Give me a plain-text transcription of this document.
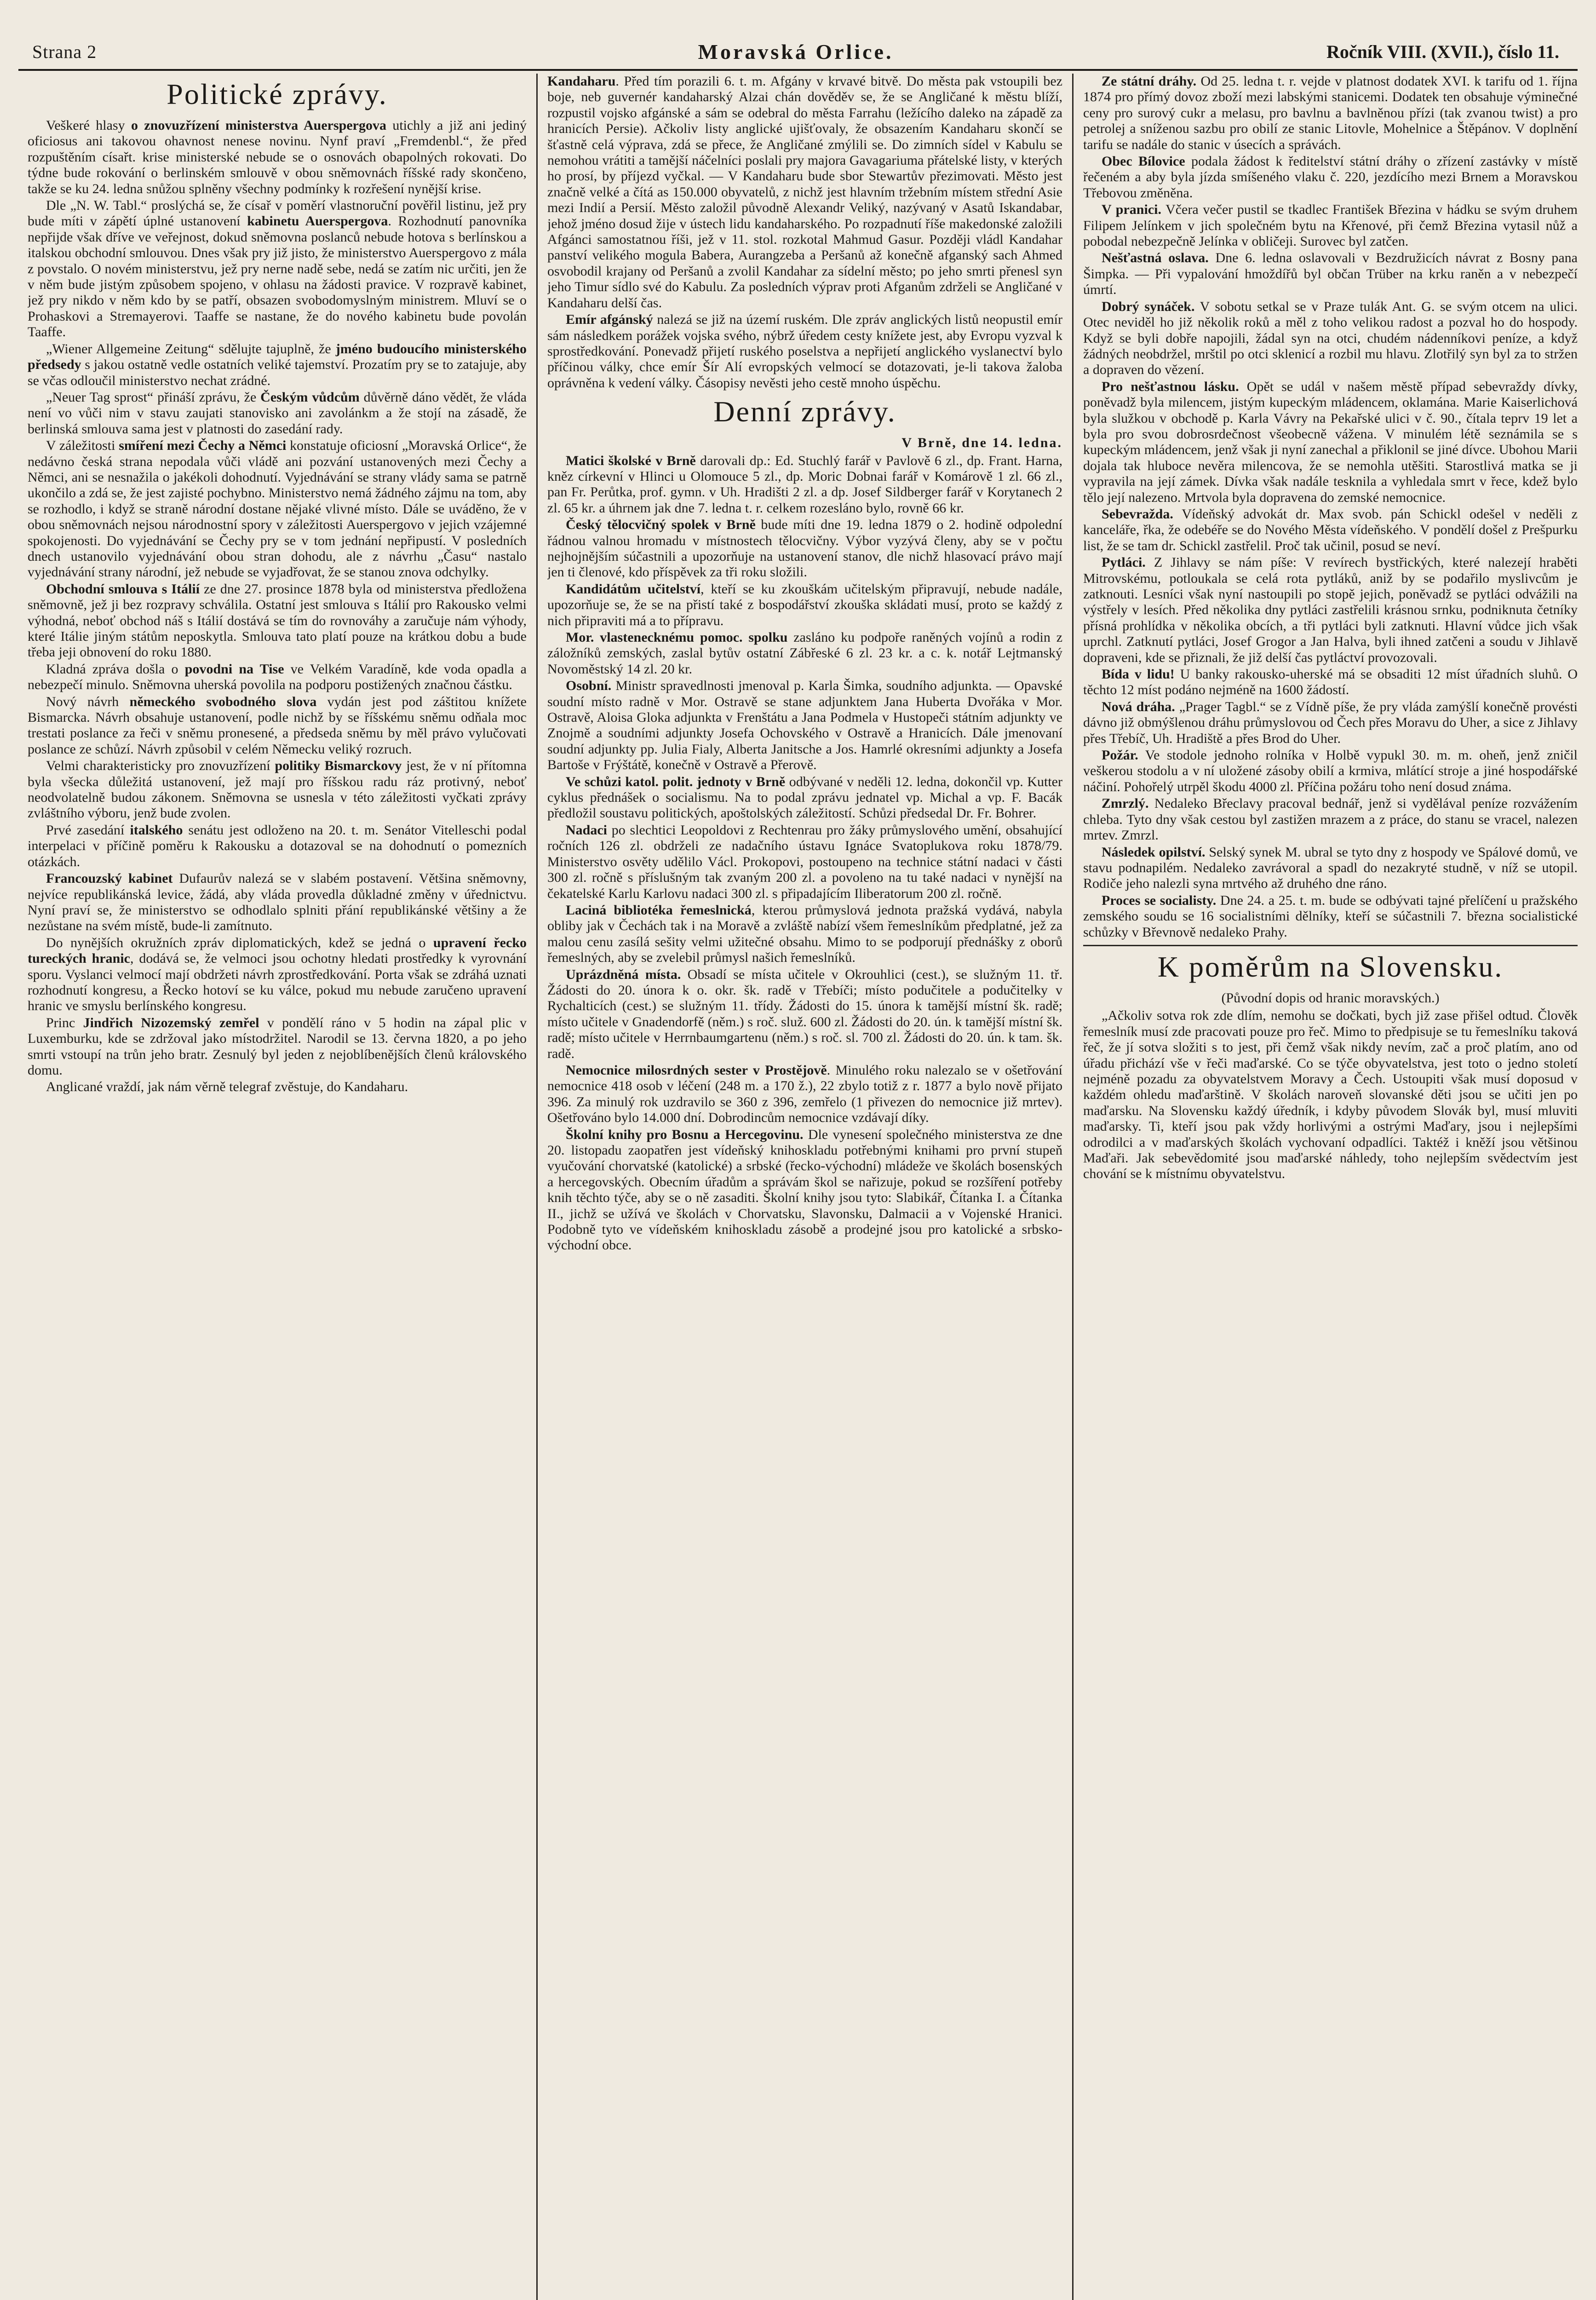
Strana 2	Moravská Orlice.	Ročník VIII. (XVII.), číslo 11.
Politické zprávy.

Veškeré hlasy o znovuzřízení ministerstva Auerspergova utichly a již ani jediný oficiosus ani takovou ohavnost nenese novinu. Nynf praví „Fremdenbl.“, že před rozpuštěním císařt. krise ministerské nebude se o osnovách obapolných rokovati. Do týdne bude rokování o berlinském smlouvě v obou sněmovnách říšské rady skončeno, takže se ku 24. ledna snůžou splněny všechny podmínky k rozřešení nynější krise.

Dle „N. W. Tabl.“ proslýchá se, že císař v poměrí vlastnoruční pověřil listinu, jež pry bude míti v zápětí úplné ustanovení kabinetu Auerspergova. Rozhodnutí panovníka nepřijde však dříve ve veřejnost, dokud sněmovna poslanců nebude hotova s berlínskou a italskou obchodní smlouvou. Dnes však pry již jisto, že ministerstvo Auerspergovo z mála z povstalo. O novém ministerstvu, jež pry nerne nadě sebe, nedá se zatím nic určiti, jen že v něm bude jistým způsobem spojeno, v ohlasu na žádosti pravice. V rozpravě kabinet, jež pry nikdo v něm kdo by se patří, obsazen svobodomyslným ministrem. Mluví se o Prohaskovi a Stremayerovi. Taaffe se nastane, že do nového kabinetu bude povolán Taaffe.

„Wiener Allgemeine Zeitung“ sdělujte tajuplně, že jméno budoucího ministerského předsedy s jakou ostatně vedle ostatních veliké tajemství. Prozatím pry se to zatajuje, aby se včas odloučil ministerstvo nechat zrádné.

„Neuer Tag sprost“ přináší zprávu, že Českým vůdcům důvěrně dáno vědět, že vláda není vo vůči nim v stavu zaujati stanovisko ani zavolánkm a že stojí na zásadě, že berlinská smlouva sama jest v platnosti do zasedání rady.

V záležitosti smíření mezi Čechy a Němci konstatuje oficiosní „Moravská Orlice“, že nedávno česká strana nepodala vůči vládě ani pozvání ustanovených mezi Čechy a Němci, ani se nesnažila o jakékoli dohodnutí. Vyjednávání se strany vlády sama se patrně ukončilo a zdá se, že jest zajisté pochybno. Ministerstvo nemá žádného zájmu na tom, aby se rozhodlo, i když se straně národní dostane nějaké vlivné místo. Dále se uváděno, že v obou sněmovnách nejsou národnostní spory v záležitosti Auerspergovo v jejich vzájemné spokojenosti. Do vyjednávání se Čechy pry se v tom jednání nepřipustí. V posledních dnech ustanovilo vyjednávání obou stran dohodu, ale z návrhu „Času“ nastalo vyjednávání strany národní, jež nebude se vyjadřovat, že se stanou znova odchylky.

Obchodní smlouva s Itálií ze dne 27. prosince 1878 byla od ministerstva předložena sněmovně, jež ji bez rozpravy schválila. Ostatní jest smlouva s Itálií pro Rakousko velmi výhodná, neboť obchod náš s Itálií dostává se tím do rovnováhy a zaručuje nám výhody, které Itálie jiným státům neposkytla. Smlouva tato platí pouze na krátkou dobu a bude třeba jeji obnovení do roku 1880.

Kladná zpráva došla o povodni na Tise ve Velkém Varadíně, kde voda opadla a nebezpečí minulo. Sněmovna uherská povolila na podporu postižených značnou částku.

Nový návrh německého svobodného slova vydán jest pod záštitou knížete Bismarcka. Návrh obsahuje ustanovení, podle nichž by se říšskému sněmu odňala moc trestati poslance za řeči v sněmu pronesené, a předseda sněmu by měl právo vylučovati poslance ze schůzí. Návrh způsobil v celém Německu veliký rozruch.

Velmi charakteristicky pro znovuzřízení politiky Bismarckovy jest, že v ní přítomna byla všecka důležitá ustanovení, jež mají pro říšskou radu ráz protivný, neboť neodvolatelně budou zákonem. Sněmovna se usnesla v této záležitosti vyčkati zprávy zvláštního výboru, jenž bude zvolen.

Prvé zasedání italského senátu jest odloženo na 20. t. m. Senátor Vitelleschi podal interpelaci v příčině poměru k Rakousku a dotazoval se na dohodnutí o pomezních otázkách.

Francouzský kabinet Dufaurův nalezá se v slabém postavení. Většina sněmovny, nejvíce republikánská levice, žádá, aby vláda provedla důkladné změny v úřednictvu. Nyní praví se, že ministerstvo se odhodlalo splniti přání republikánské většiny a že nezůstane na svém místě, bude-li zamítnuto.

Do nynějších okružních zpráv diplomatických, kdež se jedná o upravení řecko tureckých hranic, dodává se, že velmoci jsou ochotny hledati prostředky k vyrovnání sporu. Vyslanci velmocí mají obdržeti návrh zprostředkování. Porta však se zdráhá uznati rozhodnutí kongresu, a Řecko hotoví se ku válce, pokud mu nebude zaručeno upravení hranic ve smyslu berlínského kongresu.

Princ Jindřich Nizozemský zemřel v pondělí ráno v 5 hodin na zápal plic v Luxemburku, kde se zdržoval jako místodržitel. Narodil se 13. června 1820, a po jeho smrti vstoupí na trůn jeho bratr. Zesnulý byl jeden z nejoblíbenějších členů královského domu.

Anglicané vraždí, jak nám věrně telegraf zvěstuje, do Kandaharu.

Kandaharu. Před tím porazili 6. t. m. Afgány v krvavé bitvě. Do města pak vstoupili bez boje, neb guvernér kandaharský Alzai chán dověděv se, že se Angličané k městu blíží, rozpustil vojsko afgánské a sám se odebral do města Farrahu (ležícího daleko na západě za hranicích Persie). Ačkoliv listy anglické ujišťovaly, že obsazením Kandaharu skončí se šťastně celá výprava, zdá se přece, že Angličané zmýlili se. Do zimních sídel v Kabulu se nemohou vrátiti a tamější náčelníci poslali pry majora Gavagariuma přátelské listy, v kterých ho prosí, by příjezd vyčkal. — V Kandaharu bude sbor Stewartův přezimovati. Město jest značně velké a čítá as 150.000 obyvatelů, z nichž jest hlavním tržebním místem střední Asie mezi Indií a Persií. Město založil původně Alexandr Veliký, nazývaný v Asatů Iskandabar, jehož jméno dosud žije v ústech lidu kandaharského. Po rozpadnutí říše makedonské založili Afgánci samostatnou říši, jež v 11. stol. rozkotal Mahmud Gasur. Později vládl Kandahar panství velikého mogula Babera, Aurangzeba a Peršanů až konečně afganský sach Ahmed osvobodil krajany od Peršanů a zvolil Kandahar za sídelní město; po jeho smrti přenesl syn jeho Timur sídlo své do Kabulu. Za posledních výprav proti Afganům zdrželi se Angličané v Kandaharu delší čas.

Emír afgánský nalezá se již na území ruském. Dle zpráv anglických listů neopustil emír sám následkem porážek vojska svého, nýbrž úředem cesty knížete jest, aby Evropu vyzval k sprostředkování. Ponevadž přijetí ruského poselstva a nepřijetí anglického vyslanectví bylo příčinou války, chce emír Šír Alí evropských velmocí se dotazovati, je-li takova žaloba oprávněna k vedení války. Čásopisy nevěsti jeho cestě mnoho úspěchu.

Denní zprávy.
V Brně, dne 14. ledna.

Matici školské v Brně darovali dp.: Ed. Stuchlý farář v Pavlově 6 zl., dp. Frant. Harna, kněz církevní v Hlinci u Olomouce 5 zl., dp. Moric Dobnai farář v Komárově 1 zl. 66 zl., pan Fr. Perůtka, prof. gymn. v Uh. Hradišti 2 zl. a dp. Josef Sildberger farář v Korytanech 2 zl. 65 kr. a úhrnem jak dne 7. ledna t. r. celkem rozesláno bylo, rovně 66 kr.

Český tělocvičný spolek v Brně bude míti dne 19. ledna 1879 o 2. hodině odpolední řádnou valnou hromadu v místnostech tělocvičny. Výbor vyzývá členy, aby se v počtu nejhojnějším súčastnili a upozorňuje na ustanovení stanov, dle nichž hlasovací právo mají jen ti členové, kdo příspěvek za tři roku složili.

Kandidátům učitelství, kteří se ku zkouškám učitelským připravují, nebude nadále, upozorňuje se, že se na přistí také z bospodářství zkouška skládati musí, proto se každý z nich připraviti má a to přípravu.

Mor. vlastenecknému pomoc. spolku zasláno ku podpoře raněných vojínů a rodin z záložníků zemských, zaslal bytův ostatní Zábřeské 6 zl. 23 kr. a c. k. notář Lejtmanský Novoměstský 14 zl. 20 kr.

Osobní. Ministr spravedlnosti jmenoval p. Karla Šimka, soudního adjunkta. — Opavské soudní místo radně v Mor. Ostravě se stane adjunktem Jana Huberta Dvořáka v Mor. Ostravě, Aloisa Gloka adjunkta v Frenštátu a Jana Podmela v Hustopeči státním adjunkty ve Znojmě a soudními adjunkty Josefa Ochovského v Ostravě a Hranicích. Dále jmenovaní soudní adjunkty pp. Julia Fialy, Alberta Janitsche a Jos. Hamrlé okresními adjunkty a Josefa Bartoše v Frýštátě, konečně v Ostravě a Přerově.

Ve schůzi katol. polit. jednoty v Brně odbývané v neděli 12. ledna, dokončil vp. Kutter cyklus přednášek o socialismu. Na to podal zprávu jednatel vp. Michal a vp. F. Bacák předložil soustavu politických, apoštolských záležitostí. Schůzi předsedal Dr. Fr. Bohrer.

Nadaci po slechtici Leopoldovi z Rechtenrau pro žáky průmyslového umění, obsahující ročních 126 zl. obdrželi ze nadačního ústavu Ignáce Svatoplukova roku 1878/79. Ministerstvo osvěty udělilo Václ. Prokopovi, postoupeno na technice státní nadaci v části 300 zl. ročně s příslušným tak zvaným 200 zl. a povoleno na tu také nadaci v nynější na čekatelské Karlu Karlovu nadaci 300 zl. s připadajícím Iliberatorum 200 zl. ročně.

Laciná bibliotéka řemeslnická, kterou průmyslová jednota pražská vydává, nabyla obliby jak v Čechách tak i na Moravě a zvláště nabízí všem řemeslníkům předplatné, jež za malou cenu zasílá sešity velmi užitečné obsahu. Mimo to se podporují přednášky z oborů řemeslných, aby se zvelebil průmysl našich řemeslníků.

Uprázdněná místa. Obsadí se místa učitele v Okrouhlici (cest.), se služným 11. tř. Žádosti do 20. února k o. okr. šk. radě v Třebíči; místo podučitele a podučitelky v Rychalticích (cest.) se služným 11. třídy. Žádosti do 15. února k tamější místní šk. radě; místo učitele v Gnadendorfě (něm.) s roč. služ. 600 zl. Žádosti do 20. ún. k tamější místní šk. radě; místo učitele v Herrnbaumgartenu (něm.) s roč. sl. 700 zl. Žádosti do 20. ún. k tam. šk. radě.

Nemocnice milosrdných sester v Prostějově. Minulého roku nalezalo se v ošetřování nemocnice 418 osob v léčení (248 m. a 170 ž.), 22 zbylo totiž z r. 1877 a bylo nově přijato 396. Za minulý rok uzdravilo se 360 z 396, zemřelo (1 přivezen do nemocnice již mrtev). Ošetřováno bylo 14.000 dní. Dobrodincům nemocnice vzdávají díky.

Školní knihy pro Bosnu a Hercegovinu. Dle vynesení společného ministerstva ze dne 20. listopadu zaopatřen jest vídeňský knihoskladu potřebnými knihami pro první stupeň vyučování chorvatské (katolické) a srbské (řecko-východní) mládeže ve školách bosenských a hercegovských. Obecním úřadům a správám škol se nařizuje, pokud se rozšíření potřeby knih těchto týče, aby se o ně zasaditi. Školní knihy jsou tyto: Slabikář, Čítanka I. a Čítanka II., jichž se užívá ve školách v Chorvatsku, Slavonsku, Dalmacii a v Vojenské Hranici. Podobně tyto ve vídeňském knihoskladu zásobě a prodejné jsou pro katolické a srbsko-východní obce.

Ze státní dráhy. Od 25. ledna t. r. vejde v platnost dodatek XVI. k tarifu od 1. října 1874 pro přímý dovoz zboží mezi labskými stanicemi. Dodatek ten obsahuje výminečné ceny pro surový cukr a melasu, pro bavlnu a bavlněnou přízi (tak zvanou twist) a pro petrolej a sníženou sazbu pro obilí ze stanic Litovle, Mohelnice a Štěpánov. V doplnění tarifu se nadále do stanic v úsecích a správách.

Obec Bílovice podala žádost k ředitelství státní dráhy o zřízení zastávky v místě řečeném a aby byla jízda smíšeného vlaku č. 220, jezdícího mezi Brnem a Moravskou Třebovou změněna.

V pranici. Včera večer pustil se tkadlec František Březina v hádku se svým druhem Filipem Jelínkem v jich společném bytu na Křenové, při čemž Březina vytasil nůž a pobodal nebezpečně Jelínka v obličeji. Surovec byl zatčen.

Nešťastná oslava. Dne 6. ledna oslavovali v Bezdružicích návrat z Bosny pana Šimpka. — Při vypalování hmoždířů byl občan Trüber na krku raněn a v nebezpečí úmrtí.

Dobrý synáček. V sobotu setkal se v Praze tulák Ant. G. se svým otcem na ulici. Otec neviděl ho již několik roků a měl z toho velikou radost a pozval ho do hospody. Když se byli dobře napojili, žádal syn na otci, chudém nádenníkovi peníze, a když žádných neobdržel, mrštil po otci sklenicí a rozbil mu hlavu. Zlotřilý syn byl za to stržen a dopraven do vězení.

Pro nešťastnou lásku. Opět se udál v našem městě případ sebevraždy dívky, poněvadž byla milencem, jistým kupeckým mládencem, oklamána. Marie Kaiserlichová byla služkou v obchodě p. Karla Vávry na Pekařské ulici v č. 90., čítala teprv 19 let a byla pro svou dobrosrdečnost všeobecně vážena. V minulém létě seznámila se s kupeckým mládencem, jenž však ji nyní zanechal a přiklonil se jiné dívce. Ubohou Marii dojala tak hluboce nevěra milencova, že se nemohla utěšiti. Starostlivá matka se ji vypravila na její zámek. Dívka však nadále tesknila a vyhledala smrt v řece, kdež bylo tělo její nalezeno. Mrtvola byla dopravena do zemské nemocnice.

Sebevražda. Vídeňský advokát dr. Max svob. pán Schickl odešel v neděli z kanceláře, řka, že odebéře se do Nového Města vídeňského. V pondělí došel z Prešpurku list, že se tam dr. Schickl zastřelil. Proč tak učinil, posud se neví.

Pytláci. Z Jihlavy se nám píše: V revírech bystřických, které nalezejí hraběti Mitrovskému, potloukala se celá rota pytláků, aniž by se podařilo myslivcům je zatknouti. Lesníci však nyní nastoupili po stopě jejich, poněvadž se pytláci odvážili na výstřely v lesích. Před několika dny pytláci zastřelili krásnou srnku, podniknuta četníky přísná prohlídka v několika obcích, a tři pytláci byli zatknuti. Hlavní vůdce jich však uprchl. Zatknutí pytláci, Josef Grogor a Jan Halva, byli ihned zatčeni a soudu v Jihlavě dopraveni, kde se přiznali, že již delší čas pytláctví provozovali.

Bída v lidu! U banky rakousko-uherské má se obsaditi 12 míst úřadních sluhů. O těchto 12 míst podáno nejméně na 1600 žádostí.

Nová dráha. „Prager Tagbl.“ se z Vídně píše, že pry vláda zamýšlí konečně provésti dávno již obmýšlenou dráhu průmyslovou od Čech přes Moravu do Uher, a sice z Jihlavy přes Třebíč, Uh. Hradiště a přes Brod do Uher.

Požár. Ve stodole jednoho rolníka v Holbě vypukl 30. m. m. oheň, jenž zničil veškerou stodolu a v ní uložené zásoby obilí a krmiva, mlátící stroje a jiné hospodářské náčiní. Pohořelý utrpěl škodu 4000 zl. Příčina požáru toho není dosud známa.

Zmrzlý. Nedaleko Břeclavy pracoval bednář, jenž si vydělával peníze rozvážením chleba. Tyto dny však cestou byl zastižen mrazem a z práce, do stanu se vracel, nalezen mrtev. Zmrzl.

Následek opilství. Selský synek M. ubral se tyto dny z hospody ve Spálové domů, ve stavu podnapilém. Nedaleko zavrávoral a spadl do nezakryté studně, v níž se utopil. Rodiče jeho nalezli syna mrtvého až druhého dne ráno.

Proces se socialisty. Dne 24. a 25. t. m. bude se odbývati tajné přelíčení u pražského zemského soudu se 16 socialistními dělníky, kteří se súčastnili 7. března socialistické schůzky v Břevnově nedaleko Prahy.

K poměrům na Slovensku.
(Původní dopis od hranic moravských.)

„Ačkoliv sotva rok zde dlím, nemohu se dočkati, bych již zase přišel odtud. Člověk řemeslník musí zde pracovati pouze pro řeč. Mimo to předpisuje se tu řemeslníku taková řeč, že jí sotva složiti s to jest, při čemž však nikdy nevím, zač a proč platím, ano od úřadu přichází vše v řeči maďarské. Co se týče obyvatelstva, jest toto o jedno století nejméně pozadu za obyvatelstvem Moravy a Čech. Ustoupiti však musí doposud v každém ohledu maďarštině. V školách naroveň slovanské děti jsou se učiti jen po maďarsku. Na Slovensku každý úředník, i kdyby původem Slovák byl, musí mluviti maďarsky. Ti, kteří jsou pak vždy horlivými a ostrými Maďary, jsou i nejlepšími odrodilci a v maďarských školách vychovaní odpadlíci. Taktéž i kněží jsou většinou Maďaři. Jak sebevědomité jsou maďarské náhledy, toho nejlepším svědectvím jest chování se k místnímu obyvatelstvu.
